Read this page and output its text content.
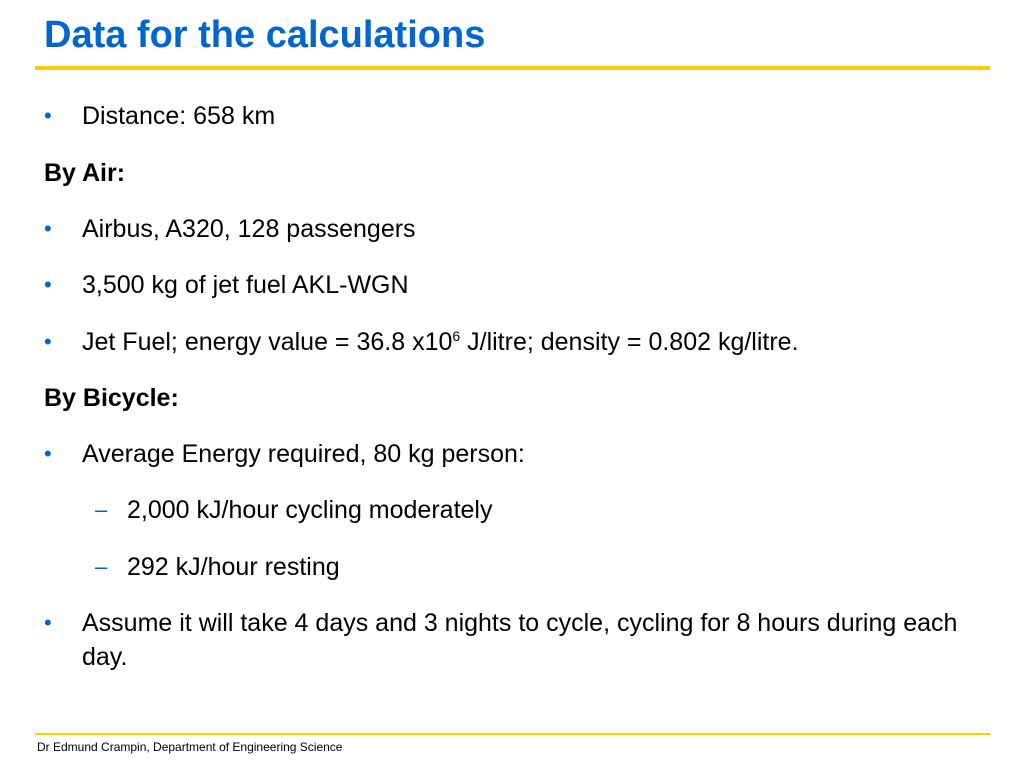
Data for the calculations
• Distance: 658 km
By Air:
• Airbus, A320, 128 passengers
• 3,500 kg of jet fuel AKL-WGN
• Jet Fuel; energy value = 36.8 $x10^6$ J/litre; density = 0.802 kg/litre.
By Bicycle:
• Average Energy required, 80 kg person:
– 2,000 kJ/hour cycling moderately
– 292 kJ/hour resting
• Assume it will take 4 days and 3 nights to cycle, cycling for 8 hours during each day.
Dr Edmund Crampin, Department of Engineering Science
